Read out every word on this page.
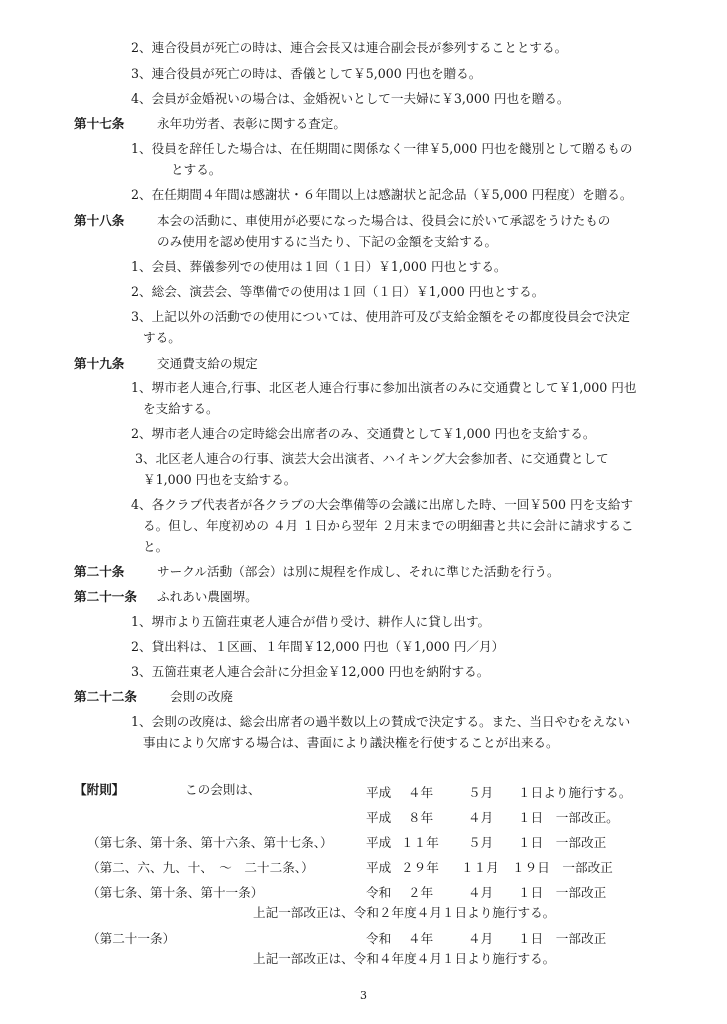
2、連合役員が死亡の時は、連合会長又は連合副会長が参列することとする。
3、連合役員が死亡の時は、香儀として￥5,000 円也を贈る。
4、会員が金婚祝いの場合は、金婚祝いとして一夫婦に￥3,000 円也を贈る。
第十七条	永年功労者、表彰に関する査定。
1、役員を辞任した場合は、在任期間に関係なく一律￥5,000 円也を餞別として贈るもの
とする。
2、在任期間４年間は感謝状・６年間以上は感謝状と記念品（￥5,000 円程度）を贈る。
第十八条	本会の活動に、車使用が必要になった場合は、役員会に於いて承認をうけたもの
のみ使用を認め使用するに当たり、下記の金額を支給する。
1、会員、葬儀参列での使用は１回（１日）￥1,000 円也とする。
2、総会、演芸会、等準備での使用は１回（１日）￥1,000 円也とする。
3、上記以外の活動での使用については、使用許可及び支給金額をその都度役員会で決定
する。
第十九条	交通費支給の規定
1、堺市老人連合,行事、北区老人連合行事に参加出演者のみに交通費として￥1,000 円也
を支給する。
2、堺市老人連合の定時総会出席者のみ、交通費として￥1,000 円也を支給する。
3、北区老人連合の行事、演芸大会出演者、ハイキング大会参加者、に交通費として
￥1,000 円也を支給する。
4、各クラブ代表者が各クラブの大会準備等の会議に出席した時、一回￥500 円を支給す
る。但し、年度初めの ４月 １日から翌年 ２月末までの明細書と共に会計に請求するこ
と。
第二十条	サークル活動（部会）は別に規程を作成し、それに準じた活動を行う。
第二十一条 ふれあい農園堺。
1、堺市より五箇荘東老人連合が借り受け、耕作人に貸し出す。
2、貸出料は、１区画、１年間￥12,000 円也（￥1,000 円／月）
3、五箇荘東老人連合会計に分担金￥12,000 円也を納附する。
第二十二条	会則の改廃
1、会則の改廃は、総会出席者の過半数以上の賛成で決定する。また、当日やむをえない
事由により欠席する場合は、書面により議決権を行使することが出来る。
【附則】	この会則は、	平成 ４年	５月 １日より施行する。
平成 ８年	４月 １日　一部改正。
（第七条、第十条、第十六条、第十七条、）	平成 １１年 ５月 １日　一部改正
（第二、六、九、十、　～　二十二条、）	平成 ２９年 １１月 １９日　一部改正
（第七条、第十条、第十一条）	令和 ２年	４月 １日　一部改正
上記一部改正は、令和２年度４月１日より施行する。
（第二十一条）	令和 ４年	４月 １日　一部改正
上記一部改正は、令和４年度４月１日より施行する。
3
